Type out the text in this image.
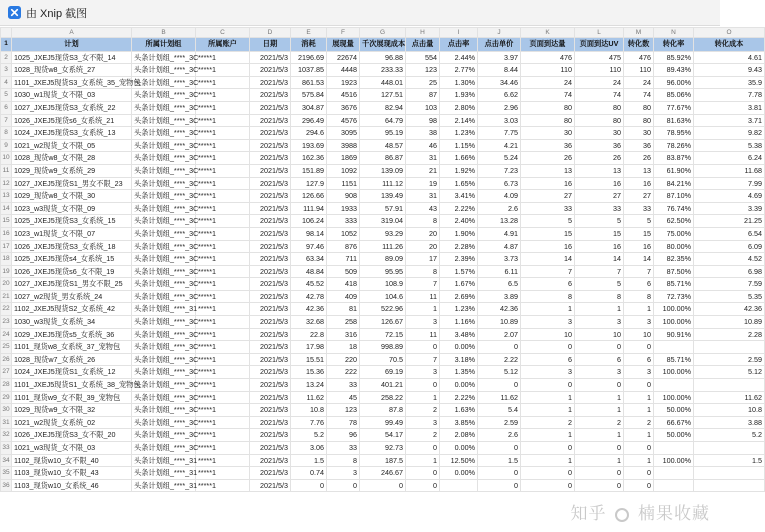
由 Xnip 截图
	A	B	C	D	E	F	G	H	I	J	K	L	M	N	O
1	计划	所属计划组	所属账户	日期	消耗	展现量	千次展现成本	点击量	点击率	点击单价	页面到达量	页面到达UV	转化数	转化率	转化成本
2	1025_JXEJ5现货S3_女不限_14	头条计划组_****_3C	*****1	2021/5/3	2196.69	22674	96.88	554	2.44%	3.97	476	475	476	85.92%	4.61
3	1028_现货w8_女系统_27	头条计划组_****_3C	*****1	2021/5/3	1037.85	4448	233.33	123	2.77%	8.44	110	110	110	89.43%	9.43
4	1101_JXEJ5现货S3_女系统_35_宠物包	头条计划组_****_3C	*****1	2021/5/3	861.53	1923	448.01	25	1.30%	34.46	24	24	24	96.00%	35.9
5	1030_w1现货_女不限_03	头条计划组_****_3C	*****1	2021/5/3	575.84	4516	127.51	87	1.93%	6.62	74	74	74	85.06%	7.78
6	1027_JXEJ5现货S3_女系统_22	头条计划组_****_3C	*****1	2021/5/3	304.87	3676	82.94	103	2.80%	2.96	80	80	80	77.67%	3.81
7	1026_JXEJ5现货s6_女系统_21	头条计划组_****_3C	*****1	2021/5/3	296.49	4576	64.79	98	2.14%	3.03	80	80	80	81.63%	3.71
8	1024_JXEJ5现货S3_女系统_13	头条计划组_****_3C	*****1	2021/5/3	294.6	3095	95.19	38	1.23%	7.75	30	30	30	78.95%	9.82
9	1021_w2现货_女不限_05	头条计划组_****_3C	*****1	2021/5/3	193.69	3988	48.57	46	1.15%	4.21	36	36	36	78.26%	5.38
10	1028_现货w8_女不限_28	头条计划组_****_3C	*****1	2021/5/3	162.36	1869	86.87	31	1.66%	5.24	26	26	26	83.87%	6.24
11	1029_现货w9_女系统_29	头条计划组_****_3C	*****1	2021/5/3	151.89	1092	139.09	21	1.92%	7.23	13	13	13	61.90%	11.68
12	1027_JXEJ5现货S1_男女不限_23	头条计划组_****_3C	*****1	2021/5/3	127.9	1151	111.12	19	1.65%	6.73	16	16	16	84.21%	7.99
13	1029_现货w8_女不限_30	头条计划组_****_3C	*****1	2021/5/3	126.66	908	139.49	31	3.41%	4.09	27	27	27	87.10%	4.69
14	1023_w3现货_女不限_09	头条计划组_****_3C	*****1	2021/5/3	111.94	1933	57.91	43	2.22%	2.6	33	33	33	76.74%	3.39
15	1025_JXEJ5现货S3_女系统_15	头条计划组_****_3C	*****1	2021/5/3	106.24	333	319.04	8	2.40%	13.28	5	5	5	62.50%	21.25
16	1023_w1现货_女不限_07	头条计划组_****_3C	*****1	2021/5/3	98.14	1052	93.29	20	1.90%	4.91	15	15	15	75.00%	6.54
17	1026_JXEJ5现货S3_女系统_18	头条计划组_****_3C	*****1	2021/5/3	97.46	876	111.26	20	2.28%	4.87	16	16	16	80.00%	6.09
18	1025_JXEJ5现货s4_女系统_15	头条计划组_****_3C	*****1	2021/5/3	63.34	711	89.09	17	2.39%	3.73	14	14	14	82.35%	4.52
19	1026_JXEJ5现货s6_女不限_19	头条计划组_****_3C	*****1	2021/5/3	48.84	509	95.95	8	1.57%	6.11	7	7	7	87.50%	6.98
20	1027_JXEJ5现货S1_男女不限_25	头条计划组_****_3C	*****1	2021/5/3	45.52	418	108.9	7	1.67%	6.5	6	5	6	85.71%	7.59
21	1027_w2现货_男女系统_24	头条计划组_****_3C	*****1	2021/5/3	42.78	409	104.6	11	2.69%	3.89	8	8	8	72.73%	5.35
22	1102_JXEJ5现货S2_女系统_42	头条计划组_****_31	*****1	2021/5/3	42.36	81	522.96	1	1.23%	42.36	1	1	1	100.00%	42.36
23	1030_w3现货_女系统_34	头条计划组_****_3C	*****1	2021/5/3	32.68	258	126.67	3	1.16%	10.89	3	3	3	100.00%	10.89
24	1029_JXEJ5现货s5_女系统_36	头条计划组_****_3C	*****1	2021/5/3	22.8	316	72.15	11	3.48%	2.07	10	10	10	90.91%	2.28
25	1101_现货w8_女系统_37_宠物包	头条计划组_****_3C	*****1	2021/5/3	17.98	18	998.89	0	0.00%	0	0	0	0		
26	1028_现货w7_女系统_26	头条计划组_****_3C	*****1	2021/5/3	15.51	220	70.5	7	3.18%	2.22	6	6	6	85.71%	2.59
27	1024_JXEJ5现货S1_女系统_12	头条计划组_****_3C	*****1	2021/5/3	15.36	222	69.19	3	1.35%	5.12	3	3	3	100.00%	5.12
28	1101_JXEJ5现货S1_女系统_38_宠物包	头条计划组_****_3C	*****1	2021/5/3	13.24	33	401.21	0	0.00%	0	0	0	0		
29	1101_现货w9_女不限_39_宠物包	头条计划组_****_3C	*****1	2021/5/3	11.62	45	258.22	1	2.22%	11.62	1	1	1	100.00%	11.62
30	1029_现货w9_女不限_32	头条计划组_****_3C	*****1	2021/5/3	10.8	123	87.8	2	1.63%	5.4	1	1	1	50.00%	10.8
31	1021_w2现货_女系统_02	头条计划组_****_3C	*****1	2021/5/3	7.76	78	99.49	3	3.85%	2.59	2	2	2	66.67%	3.88
32	1026_JXEJ5现货S3_女不限_20	头条计划组_****_3C	*****1	2021/5/3	5.2	96	54.17	2	2.08%	2.6	1	1	1	50.00%	5.2
33	1021_w3现货_女不限_03	头条计划组_****_3C	*****1	2021/5/3	3.06	33	92.73	0	0.00%	0	0	0	0		
34	1102_现货w10_女不限_40	头条计划组_****_31	*****1	2021/5/3	1.5	8	187.5	1	12.50%	1.5	1	1	1	100.00%	1.5
35	1103_现货w10_女不限_43	头条计划组_****_31	*****1	2021/5/3	0.74	3	246.67	0	0.00%	0	0	0	0		
36	1103_现货w10_女系统_46	头条计划组_****_31	*****1	2021/5/3	0	0	0	0		0	0	0	0		
知乎 楠果收藏
